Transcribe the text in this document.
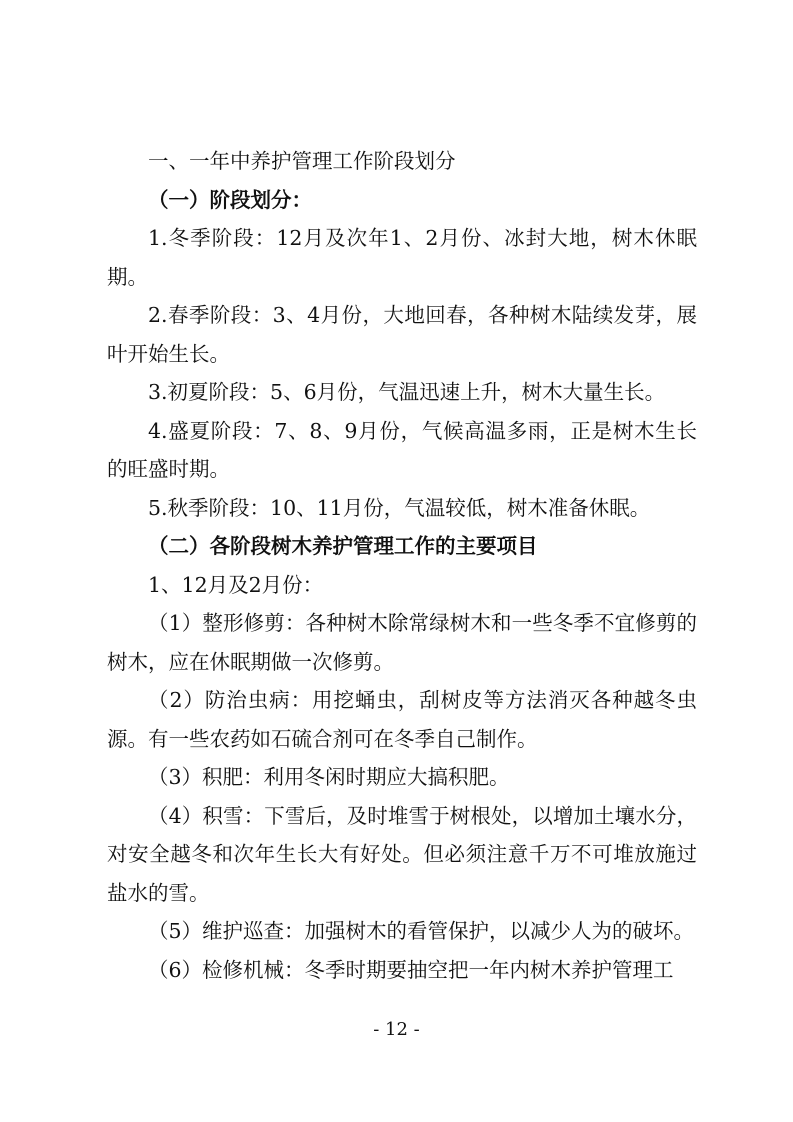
一、一年中养护管理工作阶段划分

（一）阶段划分：

1.冬季阶段：12月及次年1、2月份、冰封大地，树木休眠期。

2.春季阶段：3、4月份，大地回春，各种树木陆续发芽，展叶开始生长。

3.初夏阶段：5、6月份，气温迅速上升，树木大量生长。

4.盛夏阶段：7、8、9月份，气候高温多雨，正是树木生长的旺盛时期。

5.秋季阶段：10、11月份，气温较低，树木准备休眠。

（二）各阶段树木养护管理工作的主要项目

1、12月及2月份：

（1）整形修剪：各种树木除常绿树木和一些冬季不宜修剪的树木，应在休眠期做一次修剪。

（2）防治虫病：用挖蛹虫，刮树皮等方法消灭各种越冬虫源。有一些农药如石硫合剂可在冬季自己制作。

（3）积肥：利用冬闲时期应大搞积肥。

（4）积雪：下雪后，及时堆雪于树根处，以增加土壤水分，对安全越冬和次年生长大有好处。但必须注意千万不可堆放施过盐水的雪。

（5）维护巡查：加强树木的看管保护，以减少人为的破坏。

（6）检修机械：冬季时期要抽空把一年内树木养护管理工

- 12 -
